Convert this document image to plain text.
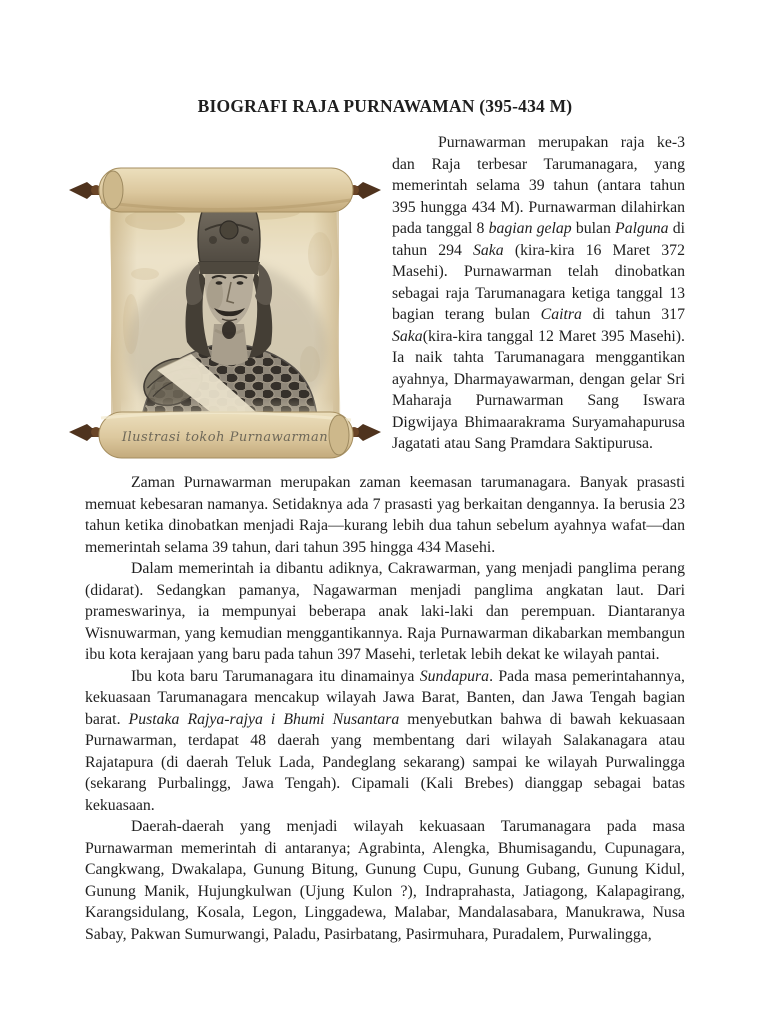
BIOGRAFI RAJA PURNAWAMAN (395-434 M)
Ilustrasi tokoh Purnawarman

Purnawarman merupakan raja ke-3 dan Raja terbesar Tarumanagara, yang memerintah selama 39 tahun (antara tahun 395 hungga 434 M). Purnawarman dilahirkan pada tanggal 8 bagian gelap bulan Palguna di tahun 294 Saka (kira-kira 16 Maret 372 Masehi). Purnawarman telah dinobatkan sebagai raja Tarumanagara ketiga tanggal 13 bagian terang bulan Caitra di tahun 317 Saka(kira-kira tanggal 12 Maret 395 Masehi). Ia naik tahta Tarumanagara menggantikan ayahnya, Dharmayawarman, dengan gelar Sri Maharaja Purnawarman Sang Iswara Digwijaya Bhimaarakrama Suryamahapurusa Jagatati atau Sang Pramdara Saktipurusa.

Zaman Purnawarman merupakan zaman keemasan tarumanagara. Banyak prasasti memuat kebesaran namanya. Setidaknya ada 7 prasasti yag berkaitan dengannya. Ia berusia 23 tahun ketika dinobatkan menjadi Raja—kurang lebih dua tahun sebelum ayahnya wafat—dan memerintah selama 39 tahun, dari tahun 395 hingga 434 Masehi.

Dalam memerintah ia dibantu adiknya, Cakrawarman, yang menjadi panglima perang (didarat). Sedangkan pamanya, Nagawarman menjadi panglima angkatan laut. Dari prameswarinya, ia mempunyai beberapa anak laki-laki dan perempuan. Diantaranya Wisnuwarman, yang kemudian menggantikannya. Raja Purnawarman dikabarkan membangun ibu kota kerajaan yang baru pada tahun 397 Masehi, terletak lebih dekat ke wilayah pantai.

Ibu kota baru Tarumanagara itu dinamainya Sundapura. Pada masa pemerintahannya, kekuasaan Tarumanagara mencakup wilayah Jawa Barat, Banten, dan Jawa Tengah bagian barat. Pustaka Rajya-rajya i Bhumi Nusantara menyebutkan bahwa di bawah kekuasaan Purnawarman, terdapat 48 daerah yang membentang dari wilayah Salakanagara atau Rajatapura (di daerah Teluk Lada, Pandeglang sekarang) sampai ke wilayah Purwalingga (sekarang Purbalingg, Jawa Tengah). Cipamali (Kali Brebes) dianggap sebagai batas kekuasaan.

Daerah-daerah yang menjadi wilayah kekuasaan Tarumanagara pada masa Purnawarman memerintah di antaranya; Agrabinta, Alengka, Bhumisagandu, Cupunagara, Cangkwang, Dwakalapa, Gunung Bitung, Gunung Cupu, Gunung Gubang, Gunung Kidul, Gunung Manik, Hujungkulwan (Ujung Kulon ?), Indraprahasta, Jatiagong, Kalapagirang, Karangsidulang, Kosala, Legon, Linggadewa, Malabar, Mandalasabara, Manukrawa, Nusa Sabay, Pakwan Sumurwangi, Paladu, Pasirbatang, Pasirmuhara, Puradalem, Purwalingga,
